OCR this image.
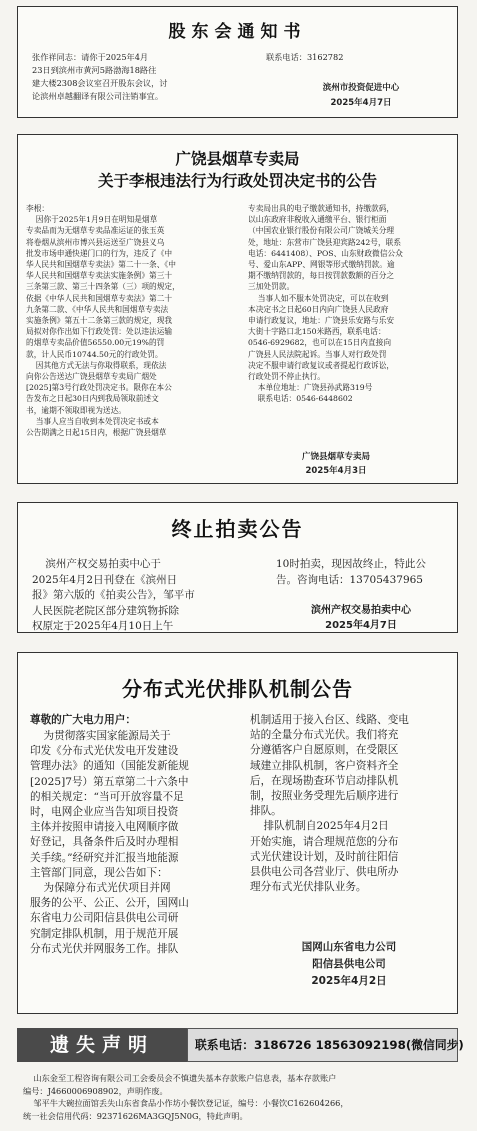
股东会通知书
张作祥同志：请你于2025年4月
23日到滨州市黄河5路渤海18路往
建大楼2308会议室召开股东会议，讨
论滨州卓越翻译有限公司注销事宜。
联系电话：3162782
滨州市投资促进中心
2025年4月7日
广饶县烟草专卖局
关于李根违法行为行政处罚决定书的公告
李根：
因你于2025年1月9日在明知是烟草
专卖品而为无烟草专卖品准运证的张玉英
将卷烟从滨州市博兴县运送至广饶县义乌
批发市场申通快递门口的行为，违反了《中
华人民共和国烟草专卖法》第二十一条、《中
华人民共和国烟草专卖法实施条例》第三十
三条第三款、第三十四条第（三）项的规定，
依据《中华人民共和国烟草专卖法》第二十
九条第二款、《中华人民共和国烟草专卖法
实施条例》第五十二条第三款的规定，现我
局拟对你作出如下行政处罚：处以违法运输
的烟草专卖品价值56550.00元19%的罚
款，计人民币10744.50元的行政处罚。
因其他方式无法与你取得联系，现依法
向你公告送达广饶县烟草专卖局广烟处
[2025]第3号行政处罚决定书。限你在本公
告发布之日起30日内到我局领取前述文
书，逾期不领取即视为送达。
当事人应当自收到本处罚决定书或本
公告期满之日起15日内，根据广饶县烟草
专卖局出具的电子缴款通知书，持缴款码，
以山东政府非税收入通缴平台、银行柜面
（中国农业银行股份有限公司广饶城关分理
处，地址：东营市广饶县迎宾路242号，联系
电话：6441408）、POS、山东财政微信公众
号、爱山东APP、网银等形式缴纳罚款。逾
期不缴纳罚款的，每日按罚款数额的百分之
三加处罚款。
当事人如不服本处罚决定，可以在收到
本决定书之日起60日内向广饶县人民政府
申请行政复议，地址：广饶县乐安路与乐安
大街十字路口北150米路西，联系电话：
0546-6929682，也可以在15日内直接向
广饶县人民法院起诉。当事人对行政处罚
决定不服申请行政复议或者提起行政诉讼，
行政处罚不停止执行。
本单位地址：广饶县孙武路319号
联系电话：0546-6448602
广饶县烟草专卖局
2025年4月3日
终止拍卖公告
滨州产权交易拍卖中心于
2025年4月2日刊登在《滨州日
报》第六版的《拍卖公告》，邹平市
人民医院老院区部分建筑物拆除
权原定于2025年4月10日上午
10时拍卖，现因故终止，特此公
告。咨询电话：13705437965
滨州产权交易拍卖中心
2025年4月7日
分布式光伏排队机制公告
尊敬的广大电力用户：
为贯彻落实国家能源局关于
印发《分布式光伏发电开发建设
管理办法》的通知（国能发新能规
[2025]7号）第五章第二十六条中
的相关规定：“当可开放容量不足
时，电网企业应当告知项目投资
主体并按照申请接入电网顺序做
好登记，具备条件后及时办理相
关手续。”经研究并汇报当地能源
主管部门同意，现公告如下：
为保障分布式光伏项目并网
服务的公平、公正、公开，国网山
东省电力公司阳信县供电公司研
究制定排队机制，用于规范开展
分布式光伏并网服务工作。排队
机制适用于接入台区、线路、变电
站的全量分布式光伏。我们将充
分遵循客户自愿原则，在受限区
域建立排队机制，客户资料齐全
后，在现场勘查环节启动排队机
制，按照业务受理先后顺序进行
排队。
排队机制自2025年4月2日
开始实施，请合理规范您的分布
式光伏建设计划，及时前往阳信
县供电公司各营业厅、供电所办
理分布式光伏排队业务。
国网山东省电力公司
阳信县供电公司
2025年4月2日
遗失声明	联系电话：3186726 18563092198(微信同步)
山东金至工程咨询有限公司工会委员会不慎遗失基本存款账户信息表，基本存款账户
编号：J4660006908902，声明作废。
邹平牛大碗拉面馆丢失山东省食品小作坊小餐饮登记证，编号：小餐饮C162604266，
统一社会信用代码：92371626MA3GQJ5N0G，特此声明。
